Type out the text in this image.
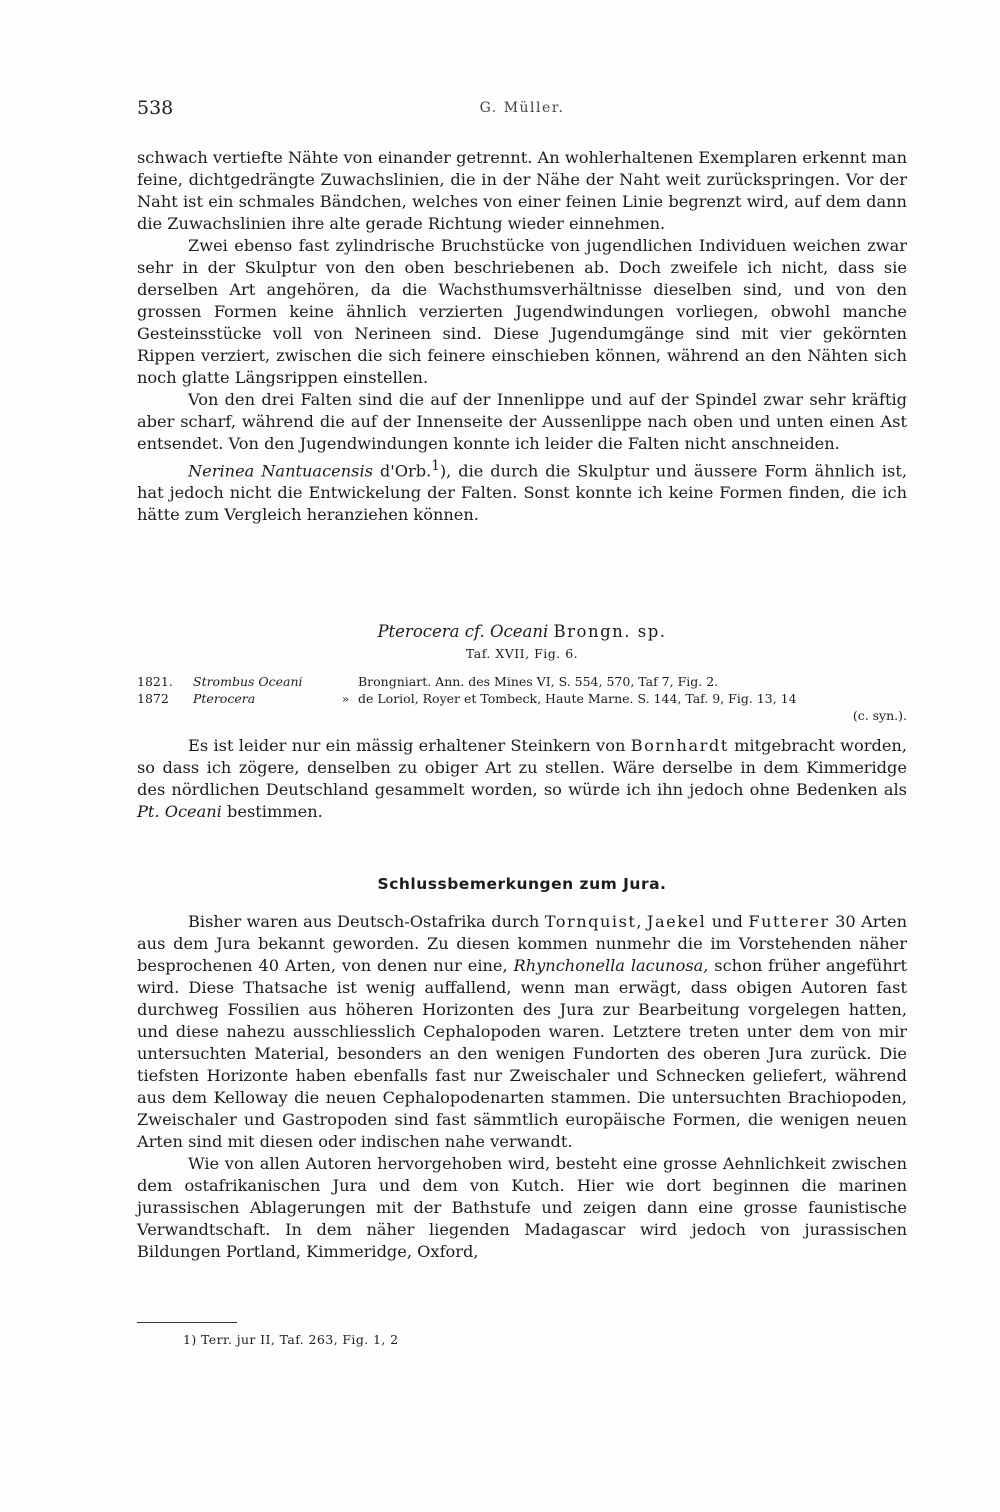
538	G. Müller.

schwach vertiefte Nähte von einander getrennt. An wohlerhaltenen Exemplaren erkennt man feine, dichtgedrängte Zuwachslinien, die in der Nähe der Naht weit zurückspringen. Vor der Naht ist ein schmales Bändchen, welches von einer feinen Linie begrenzt wird, auf dem dann die Zuwachslinien ihre alte gerade Richtung wieder einnehmen.

Zwei ebenso fast zylindrische Bruchstücke von jugendlichen Individuen weichen zwar sehr in der Skulptur von den oben beschriebenen ab. Doch zweifele ich nicht, dass sie derselben Art angehören, da die Wachsthumsverhältnisse dieselben sind, und von den grossen Formen keine ähnlich verzierten Jugendwindungen vorliegen, obwohl manche Gesteinsstücke voll von Nerineen sind. Diese Jugendumgänge sind mit vier gekörnten Rippen verziert, zwischen die sich feinere einschieben können, während an den Nähten sich noch glatte Längsrippen einstellen.

Von den drei Falten sind die auf der Innenlippe und auf der Spindel zwar sehr kräftig aber scharf, während die auf der Innenseite der Aussenlippe nach oben und unten einen Ast entsendet. Von den Jugendwindungen konnte ich leider die Falten nicht anschneiden.

Nerinea Nantuacensis d'Orb.$^1$), die durch die Skulptur und äussere Form ähnlich ist, hat jedoch nicht die Entwickelung der Falten. Sonst konnte ich keine Formen finden, die ich hätte zum Vergleich heranziehen können.

Pterocera cf. Oceani Brongn. sp.
Taf. XVII, Fig. 6.
1821.	Strombus Oceani	Brongniart. Ann. des Mines VI, S. 554, 570, Taf 7, Fig. 2.
1872	Pterocera	» de Loriol, Royer et Tombeck, Haute Marne. S. 144, Taf. 9, Fig. 13, 14
(c. syn.).

Es ist leider nur ein mässig erhaltener Steinkern von Bornhardt mitgebracht worden, so dass ich zögere, denselben zu obiger Art zu stellen. Wäre derselbe in dem Kimmeridge des nördlichen Deutschland gesammelt worden, so würde ich ihn jedoch ohne Bedenken als Pt. Oceani bestimmen.

Schlussbemerkungen zum Jura.

Bisher waren aus Deutsch-Ostafrika durch Tornquist, Jaekel und Futterer 30 Arten aus dem Jura bekannt geworden. Zu diesen kommen nunmehr die im Vorstehenden näher besprochenen 40 Arten, von denen nur eine, Rhynchonella lacunosa, schon früher angeführt wird. Diese Thatsache ist wenig auffallend, wenn man erwägt, dass obigen Autoren fast durchweg Fossilien aus höheren Horizonten des Jura zur Bearbeitung vorgelegen hatten, und diese nahezu ausschliesslich Cephalopoden waren. Letztere treten unter dem von mir untersuchten Material, besonders an den wenigen Fundorten des oberen Jura zurück. Die tiefsten Horizonte haben ebenfalls fast nur Zweischaler und Schnecken geliefert, während aus dem Kelloway die neuen Cephalopodenarten stammen. Die untersuchten Brachiopoden, Zweischaler und Gastropoden sind fast sämmtlich europäische Formen, die wenigen neuen Arten sind mit diesen oder indischen nahe verwandt.

Wie von allen Autoren hervorgehoben wird, besteht eine grosse Aehnlichkeit zwischen dem ostafrikanischen Jura und dem von Kutch. Hier wie dort beginnen die marinen jurassischen Ablagerungen mit der Bathstufe und zeigen dann eine grosse faunistische Verwandtschaft. In dem näher liegenden Madagascar wird jedoch von jurassischen Bildungen Portland, Kimmeridge, Oxford,

1) Terr. jur II, Taf. 263, Fig. 1, 2
